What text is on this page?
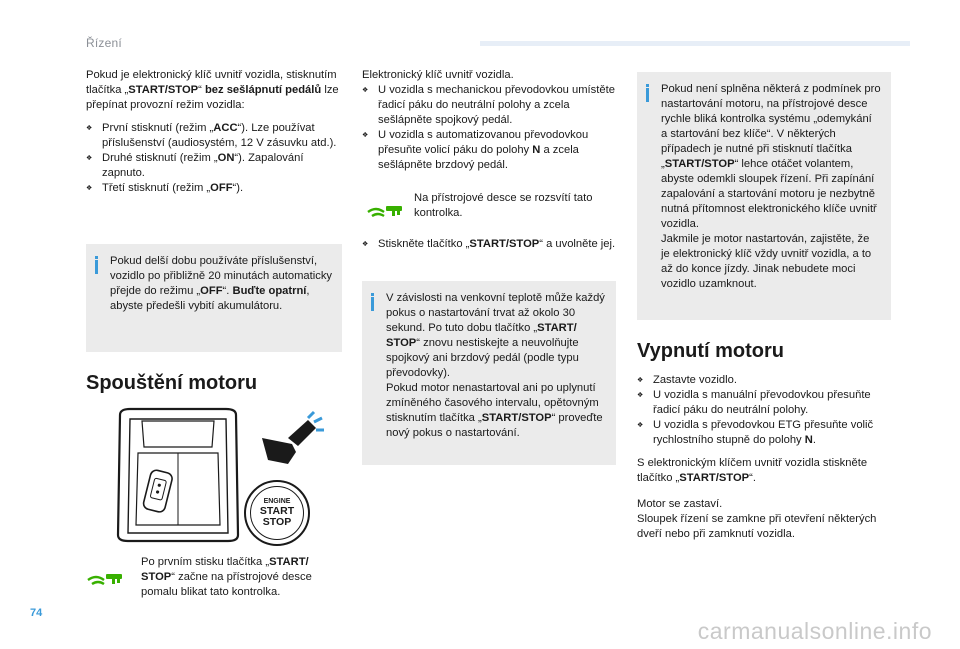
Řízení

Pokud je elektronický klíč uvnitř vozidla, stisknutím tlačítka „START/STOP“ bez sešlápnutí pedálů lze přepínat provozní režim vozidla:

❖ První stisknutí (režim „ACC“). Lze používat příslušenství (audiosystém, 12 V zásuvku atd.).
❖ Druhé stisknutí (režim „ON“). Zapalování zapnuto.
❖ Třetí stisknutí (režim „OFF“).
Pokud delší dobu používáte příslušenství, vozidlo po přibližně 20 minutách automaticky přejde do režimu „OFF“. Buďte opatrní, abyste předešli vybití akumulátoru.
Spouštění motoru
ENGINE
START
STOP
Po prvním stisku tlačítka „START/ STOP“ začne na přístrojové desce pomalu blikat tato kontrolka.
Elektronický klíč uvnitř vozidla.
❖ U vozidla s mechanickou převodovkou umístěte řadicí páku do neutrální polohy a zcela sešlápněte spojkový pedál.
❖ U vozidla s automatizovanou převodovkou přesuňte volicí páku do polohy N a zcela sešlápněte brzdový pedál.
Na přístrojové desce se rozsvítí tato kontrolka.
❖ Stiskněte tlačítko „START/STOP“ a uvolněte jej.
V závislosti na venkovní teplotě může každý pokus o nastartování trvat až okolo 30 sekund. Po tuto dobu tlačítko „START/ STOP“ znovu nestiskejte a neuvolňujte spojkový ani brzdový pedál (podle typu převodovky).
Pokud motor nenastartoval ani po uplynutí zmíněného časového intervalu, opětovným stisknutím tlačítka „START/STOP“ proveďte nový pokus o nastartování.
Pokud není splněna některá z podmínek pro nastartování motoru, na přístrojové desce rychle bliká kontrolka systému „odemykání a startování bez klíče“. V některých případech je nutné při stisknutí tlačítka „START/STOP“ lehce otáčet volantem, abyste odemkli sloupek řízení. Při zapínání zapalování a startování motoru je nezbytně nutná přítomnost elektronického klíče uvnitř vozidla.
Jakmile je motor nastartován, zajistěte, že je elektronický klíč vždy uvnitř vozidla, a to až do konce jízdy. Jinak nebudete moci vozidlo uzamknout.
Vypnutí motoru
❖ Zastavte vozidlo.
❖ U vozidla s manuální převodovkou přesuňte řadicí páku do neutrální polohy.
❖ U vozidla s převodovkou ETG přesuňte volič rychlostního stupně do polohy N.
S elektronickým klíčem uvnitř vozidla stiskněte tlačítko „START/STOP“.
Motor se zastaví.
Sloupek řízení se zamkne při otevření některých dveří nebo při zamknutí vozidla.
74
carmanualsonline.info
